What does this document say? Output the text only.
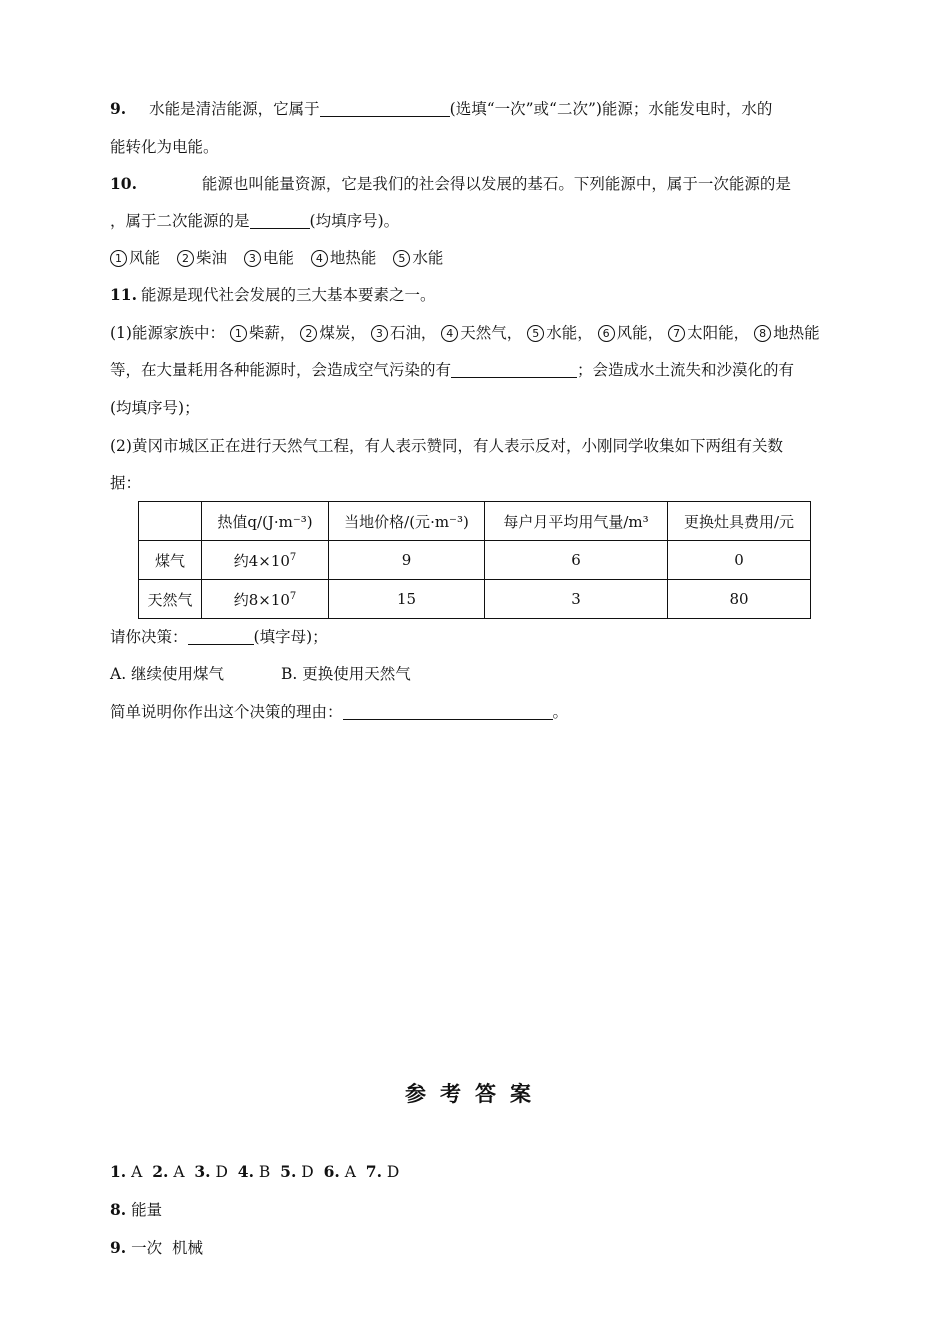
9. 水能是清洁能源，它属于	(选填“一次”或“二次”)能源；水能发电时，水的
能转化为电能。
10.	能源也叫能量资源，它是我们的社会得以发展的基石。下列能源中，属于一次能源的是
，属于二次能源的是	(均填序号)。
1 风能 2 柴油 3 电能 4 地热能 5 水能
11. 能源是现代社会发展的三大基本要素之一。
(1)能源家族中： 1 柴薪， 2 煤炭， 3 石油， 4 天然气， 5 水能， 6 风能， 7 太阳能， 8 地热能
等，在大量耗用各种能源时，会造成空气污染的有	；会造成水土流失和沙漠化的有
(均填序号)；
(2)黄冈市城区正在进行天然气工程，有人表示赞同，有人表示反对，小刚同学收集如下两组有关数
据：
	热值q/(J·m⁻³)	当地价格/(元·m⁻³)	每户月平均用气量/m³	更换灶具费用/元
煤气	约$4\times 10^7$	9	6	0
天然气	约$8\times 10^7$	15	3	80
请你决策：	(填字母)；
A. 继续使用煤气	B. 更换使用天然气
简单说明你作出这个决策的理由：	。
参考答案
1. A 2. A 3. D 4. B 5. D 6. A 7. D
8. 能量
9. 一次  机械
